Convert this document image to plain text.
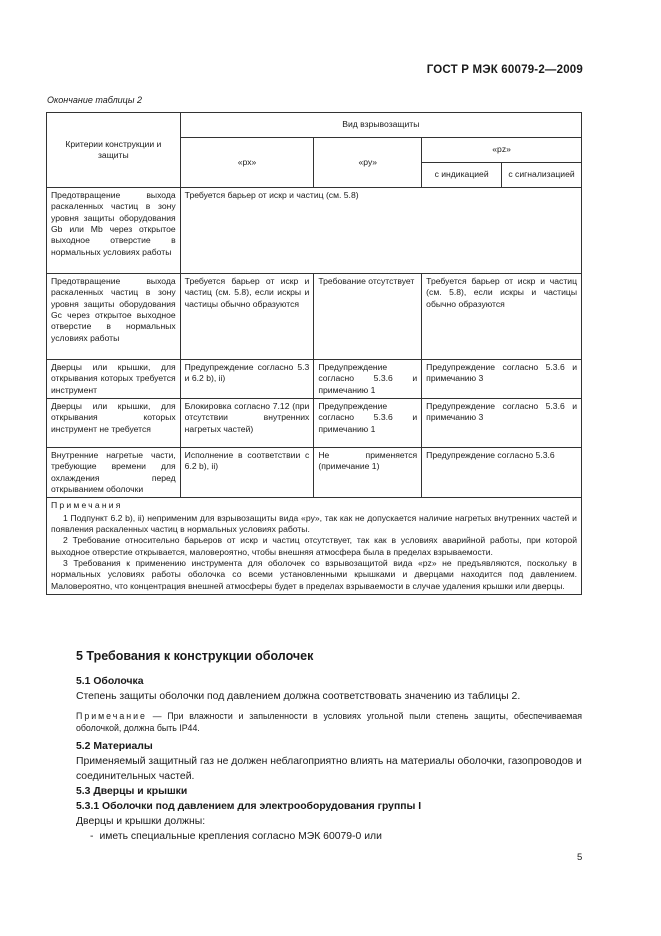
ГОСТ Р МЭК 60079-2—2009
Окончание таблицы 2
Критерии конструкции и защиты	Вид взрывозащиты			
	«px»	«py»	«pz»	
			с индикацией	с сигнализацией
Предотвращение выхода раскаленных частиц в зону уровня защиты оборудования Gb или Mb через открытое выходное отверстие в нормальных условиях работы	Требуется барьер от искр и частиц (см. 5.8)			
Предотвращение выхода раскаленных частиц в зону уровня защиты оборудования Gc через открытое выходное отверстие в нормальных условиях работы	Требуется барьер от искр и частиц (см. 5.8), если искры и частицы обычно образуются	Требование отсутствует	Требуется барьер от искр и частиц (см. 5.8), если искры и частицы обычно образуются	
Дверцы или крышки, для открывания которых требуется инструмент	Предупреждение согласно 5.3 и 6.2 b), ii)	Предупреждение согласно 5.3.6 и примечанию 1	Предупреждение согласно 5.3.6 и примечанию 3	
Дверцы или крышки, для открывания которых инструмент не требуется	Блокировка согласно 7.12 (при отсутствии внутренних нагретых частей)	Предупреждение согласно 5.3.6 и примечанию 1	Предупреждение согласно 5.3.6 и примечанию 3	
Внутренние нагретые части, требующие времени для охлаждения перед открыванием оболочки	Исполнение в соответствии с 6.2 b), ii)	Не применяется (примечание 1)	Предупреждение согласно 5.3.6	

Примечания

1 Подпункт 6.2 b), ii) неприменим для взрывозащиты вида «py», так как не допускается наличие нагретых внутренних частей и появления раскаленных частиц в нормальных условиях работы.

2 Требование относительно барьеров от искр и частиц отсутствует, так как в условиях аварийной работы, при которой выходное отверстие открывается, маловероятно, чтобы внешняя атмосфера была в пределах взрываемости.

3 Требования к применению инструмента для оболочек со взрывозащитой вида «pz» не предъявляются, поскольку в нормальных условиях работы оболочка со всеми установленными крышками и дверцами находится под давлением. Маловероятно, что концентрация внешней атмосферы будет в пределах взрываемости в случае удаления крышки или дверцы.				

5 Требования к конструкции оболочек
5.1 Оболочка
Степень защиты оболочки под давлением должна соответствовать значению из таблицы 2.
Примечание — При влажности и запыленности в условиях угольной пыли степень защиты, обеспечиваемая оболочкой, должна быть IP44.
5.2 Материалы
Применяемый защитный газ не должен неблагоприятно влиять на материалы оболочки, газопроводов и соединительных частей.
5.3 Дверцы и крышки
5.3.1 Оболочки под давлением для электрооборудования группы I
Дверцы и крышки должны:
- иметь специальные крепления согласно МЭК 60079-0 или
5
